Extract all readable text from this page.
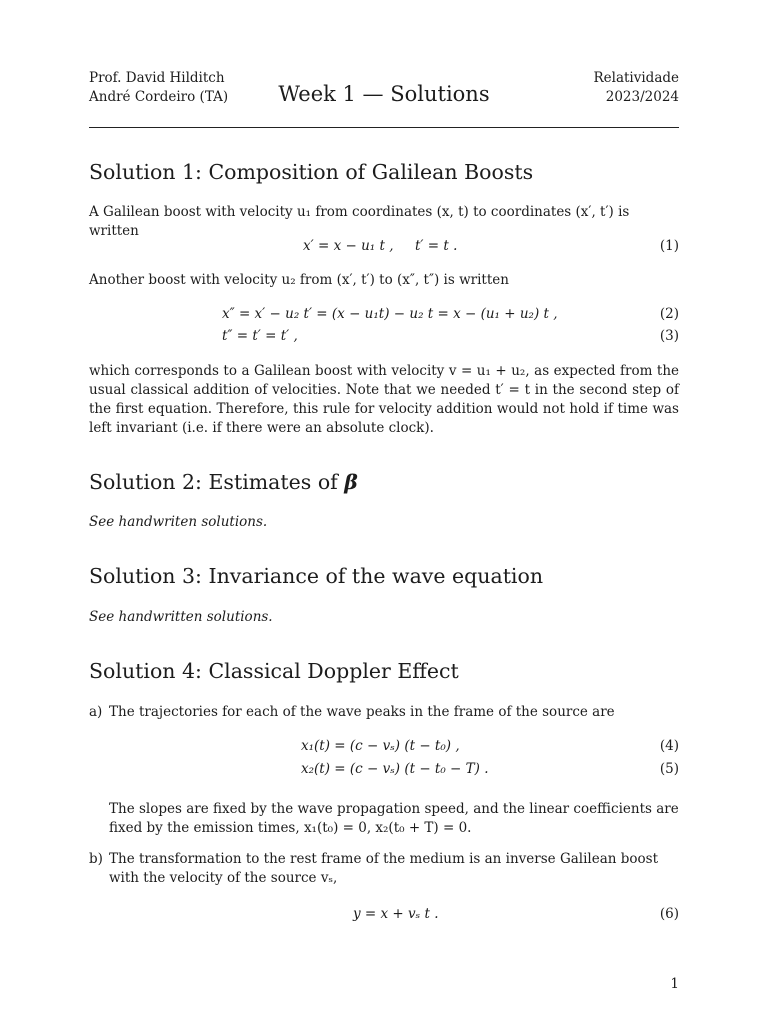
Prof. David Hilditch
André Cordeiro (TA)	Week 1 — Solutions
Relatividade
2023/2024
Solution 1: Composition of Galilean Boosts
A Galilean boost with velocity u₁ from coordinates (x, t) to coordinates (x′, t′) is written
x′ = x − u₁ t , t′ = t .	(1)
Another boost with velocity u₂ from (x′, t′) to (x″, t″) is written
x″ = x′ − u₂ t′ = (x − u₁t) − u₂ t = x − (u₁ + u₂) t ,	(2)
t″ = t′ = t′ ,	(3)
which corresponds to a Galilean boost with velocity v = u₁ + u₂, as expected from the usual classical addition of velocities. Note that we needed t′ = t in the second step of the first equation. Therefore, this rule for velocity addition would not hold if time was left invariant (i.e. if there were an absolute clock).
Solution 2: Estimates of β
See handwriten solutions.
Solution 3: Invariance of the wave equation
See handwritten solutions.
Solution 4: Classical Doppler Effect
a) The trajectories for each of the wave peaks in the frame of the source are
x₁(t) = (c − vₛ) (t − t₀) ,	(4)
x₂(t) = (c − vₛ) (t − t₀ − T) .	(5)
The slopes are fixed by the wave propagation speed, and the linear coefficients are fixed by the emission times, x₁(t₀) = 0, x₂(t₀ + T) = 0.
b) The transformation to the rest frame of the medium is an inverse Galilean boost with the velocity of the source vₛ,
y = x + vₛ t .	(6)
1
